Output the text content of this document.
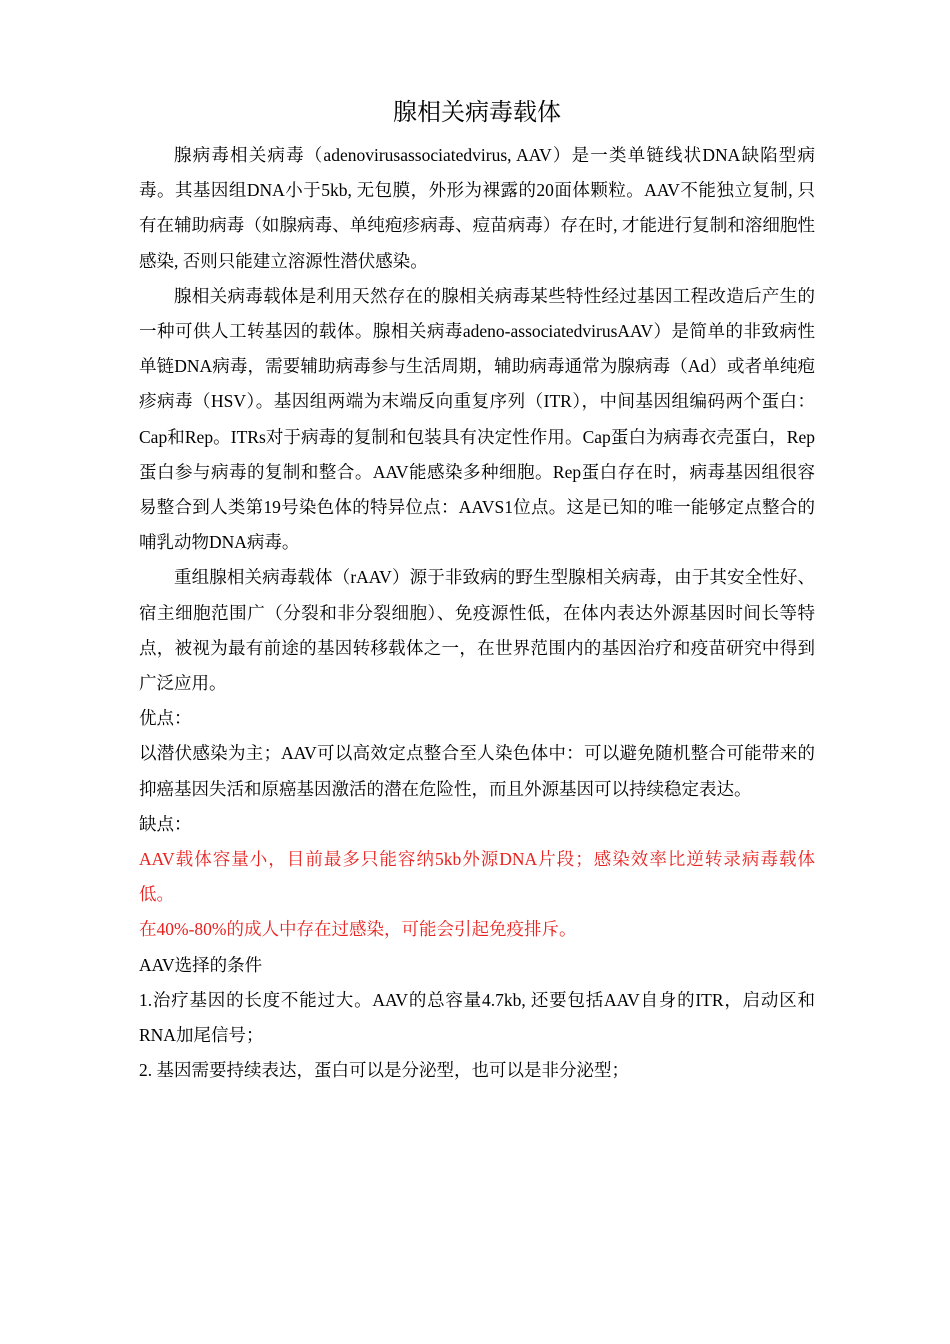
腺相关病毒载体

腺病毒相关病毒（adenovirusassociatedvirus, AAV）是一类单链线状DNA缺陷型病毒。其基因组DNA小于5kb, 无包膜，外形为裸露的20面体颗粒。AAV不能独立复制, 只有在辅助病毒（如腺病毒、单纯疱疹病毒、痘苗病毒）存在时, 才能进行复制和溶细胞性感染, 否则只能建立溶源性潜伏感染。

腺相关病毒载体是利用天然存在的腺相关病毒某些特性经过基因工程改造后产生的一种可供人工转基因的载体。腺相关病毒adeno-associatedvirusAAV）是简单的非致病性单链DNA病毒，需要辅助病毒参与生活周期，辅助病毒通常为腺病毒（Ad）或者单纯疱疹病毒（HSV）。基因组两端为末端反向重复序列（ITR），中间基因组编码两个蛋白：Cap和Rep。ITRs对于病毒的复制和包装具有决定性作用。Cap蛋白为病毒衣壳蛋白，Rep蛋白参与病毒的复制和整合。AAV能感染多种细胞。Rep蛋白存在时，病毒基因组很容易整合到人类第19号染色体的特异位点：AAVS1位点。这是已知的唯一能够定点整合的哺乳动物DNA病毒。

重组腺相关病毒载体（rAAV）源于非致病的野生型腺相关病毒，由于其安全性好、宿主细胞范围广（分裂和非分裂细胞）、免疫源性低，在体内表达外源基因时间长等特点，被视为最有前途的基因转移载体之一，在世界范围内的基因治疗和疫苗研究中得到广泛应用。

优点：

以潜伏感染为主；AAV可以高效定点整合至人染色体中：可以避免随机整合可能带来的抑癌基因失活和原癌基因激活的潜在危险性，而且外源基因可以持续稳定表达。

缺点：

AAV载体容量小，目前最多只能容纳5kb外源DNA片段；感染效率比逆转录病毒载体低。

在40%-80%的成人中存在过感染，可能会引起免疫排斥。

AAV选择的条件

1.治疗基因的长度不能过大。AAV的总容量4.7kb, 还要包括AAV自身的ITR，启动区和RNA加尾信号；

2. 基因需要持续表达，蛋白可以是分泌型，也可以是非分泌型；
